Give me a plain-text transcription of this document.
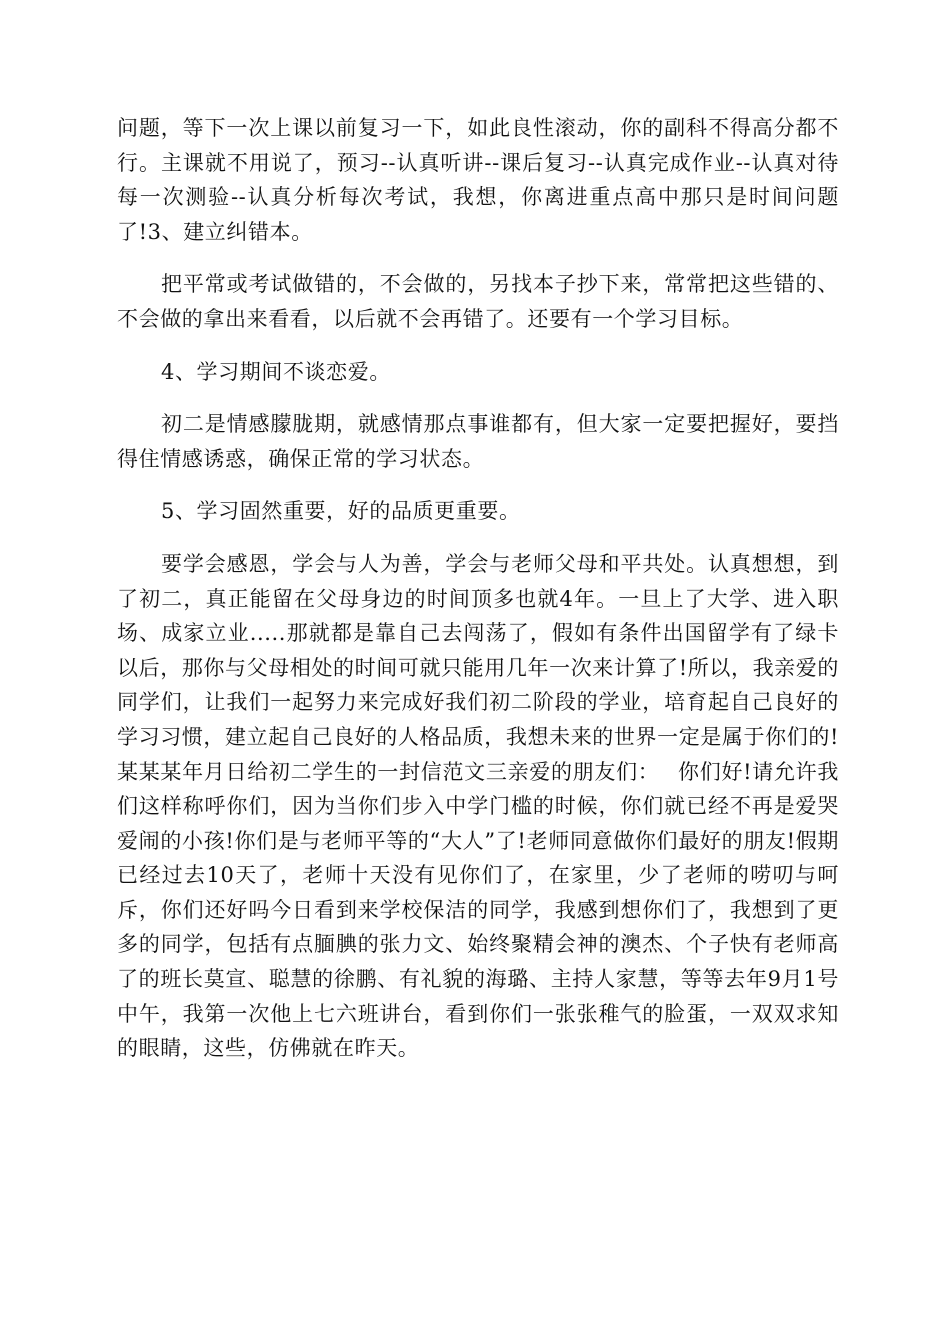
问题，等下一次上课以前复习一下，如此良性滚动，你的副科不得高分都不行。主课就不用说了，预习--认真听讲--课后复习--认真完成作业--认真对待每一次测验--认真分析每次考试，我想，你离进重点高中那只是时间问题了!3、建立纠错本。

把平常或考试做错的，不会做的，另找本子抄下来，常常把这些错的、不会做的拿出来看看，以后就不会再错了。还要有一个学习目标。

4、学习期间不谈恋爱。

初二是情感朦胧期，就感情那点事谁都有，但大家一定要把握好，要挡得住情感诱惑，确保正常的学习状态。

5、学习固然重要，好的品质更重要。

要学会感恩，学会与人为善，学会与老师父母和平共处。认真想想，到了初二，真正能留在父母身边的时间顶多也就4年。一旦上了大学、进入职场、成家立业.....那就都是靠自己去闯荡了，假如有条件出国留学有了绿卡以后，那你与父母相处的时间可就只能用几年一次来计算了!所以，我亲爱的同学们，让我们一起努力来完成好我们初二阶段的学业，培育起自己良好的学习习惯，建立起自己良好的人格品质，我想未来的世界一定是属于你们的!某某某年月日给初二学生的一封信范文三亲爱的朋友们：　 你们好!请允许我们这样称呼你们，因为当你们步入中学门槛的时候，你们就已经不再是爱哭爱闹的小孩!你们是与老师平等的“大人”了!老师同意做你们最好的朋友!假期已经过去10天了，老师十天没有见你们了，在家里，少了老师的唠叨与呵斥，你们还好吗今日看到来学校保洁的同学，我感到想你们了，我想到了更多的同学，包括有点腼腆的张力文、始终聚精会神的澳杰、个子快有老师高了的班长莫宣、聪慧的徐鹏、有礼貌的海璐、主持人家慧，等等去年9月1号中午，我第一次他上七六班讲台，看到你们一张张稚气的脸蛋，一双双求知的眼睛，这些，仿佛就在昨天。
